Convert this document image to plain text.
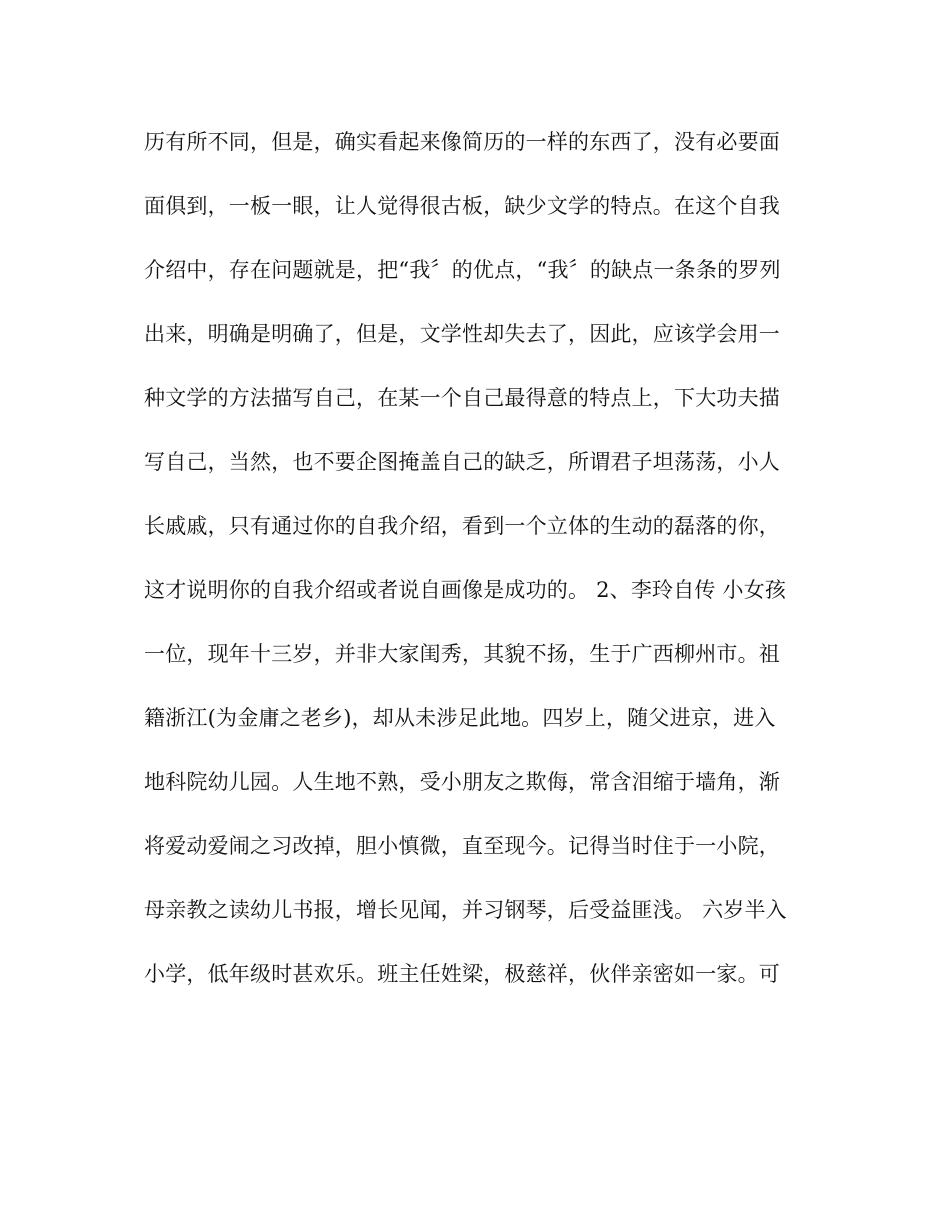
历有所不同，但是，确实看起来像简历的一样的东西了，没有必要面
面俱到，一板一眼，让人觉得很古板，缺少文学的特点。在这个自我
介绍中，存在问题就是，把“我〞的优点，“我〞的缺点一条条的罗列
出来，明确是明确了，但是，文学性却失去了，因此，应该学会用一
种文学的方法描写自己，在某一个自己最得意的特点上，下大功夫描
写自己，当然，也不要企图掩盖自己的缺乏，所谓君子坦荡荡，小人
长戚戚，只有通过你的自我介绍，看到一个立体的生动的磊落的你，
这才说明你的自我介绍或者说自画像是成功的。 2、李玲自传 小女孩
一位，现年十三岁，并非大家闺秀，其貌不扬，生于广西柳州市。祖
籍浙江(为金庸之老乡)，却从未涉足此地。四岁上，随父进京，进入
地科院幼儿园。人生地不熟，受小朋友之欺侮，常含泪缩于墙角，渐
将爱动爱闹之习改掉，胆小慎微，直至现今。记得当时住于一小院，
母亲教之读幼儿书报，增长见闻，并习钢琴，后受益匪浅。 六岁半入
小学，低年级时甚欢乐。班主任姓梁，极慈祥，伙伴亲密如一家。可
